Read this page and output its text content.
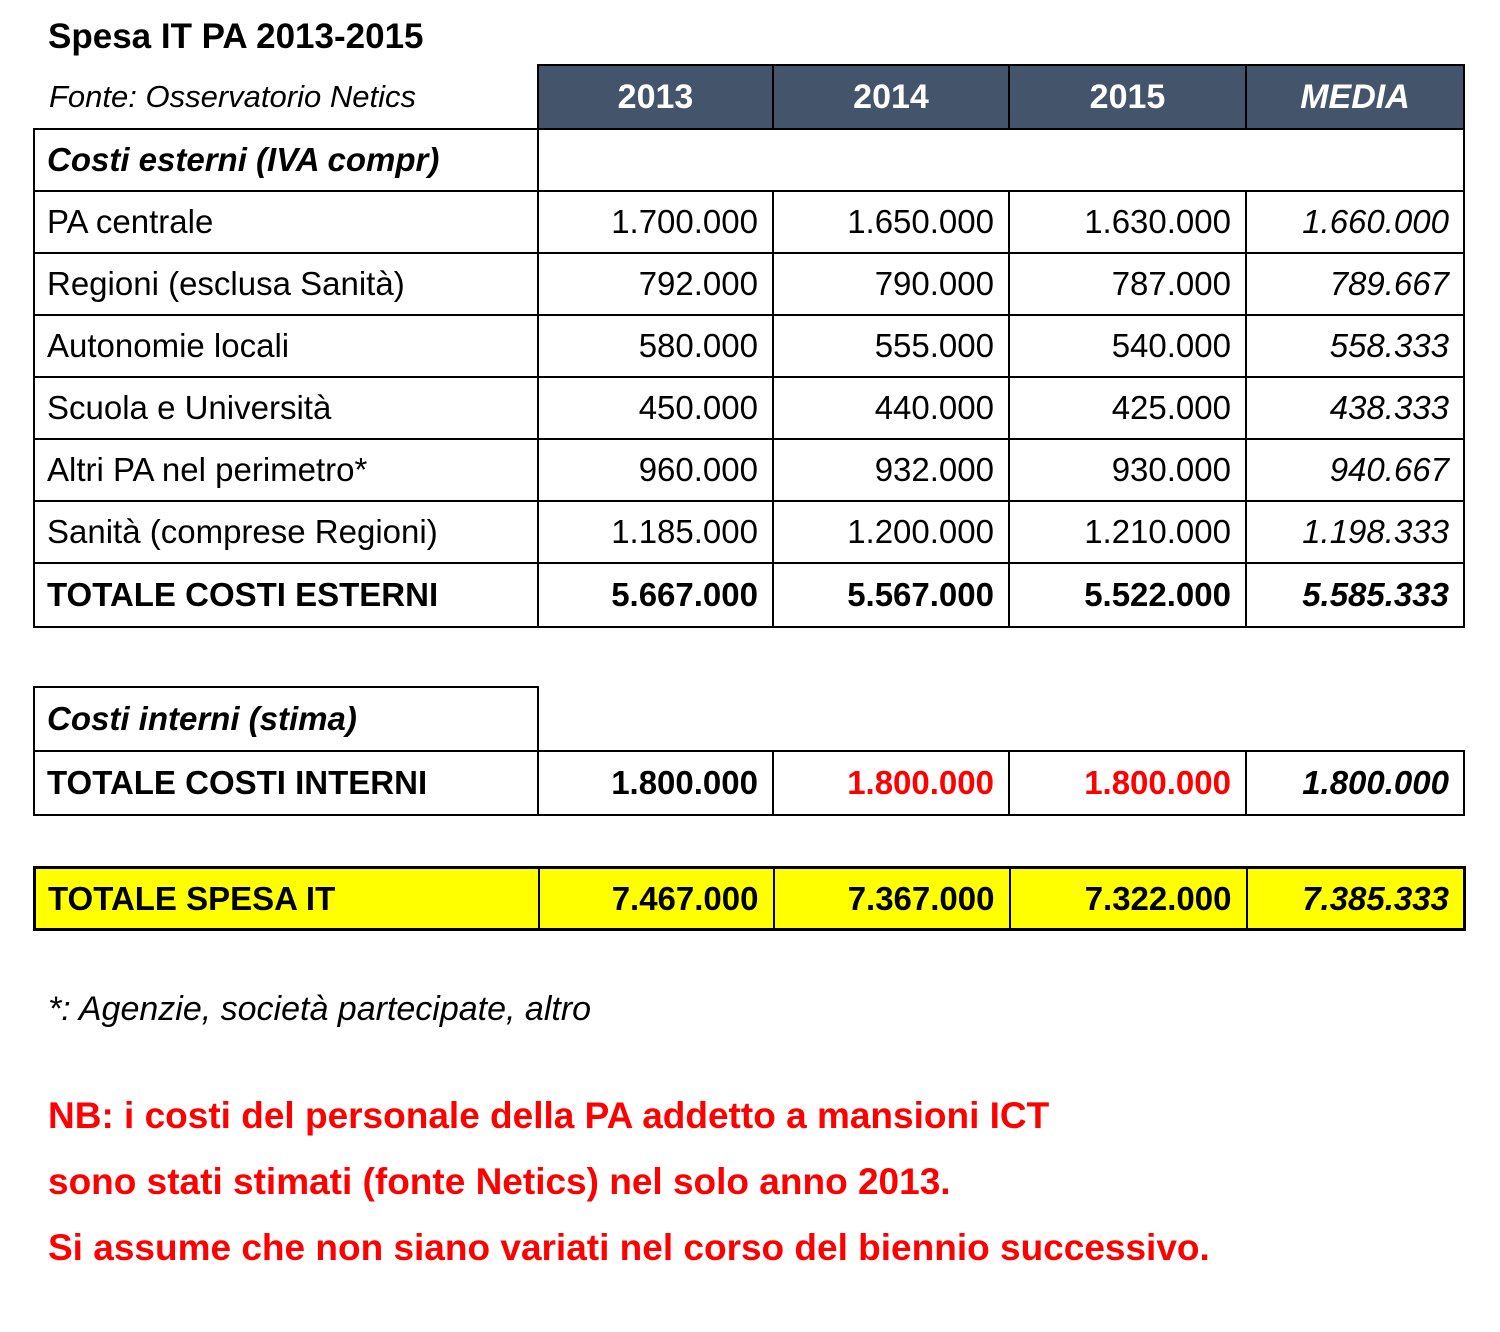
Spesa IT PA 2013-2015
Fonte: Osservatorio Netics	2013	2014	2015	MEDIA
Costi esterni (IVA compr)				
PA centrale	1.700.000	1.650.000	1.630.000	1.660.000
Regioni (esclusa Sanità)	792.000	790.000	787.000	789.667
Autonomie locali	580.000	555.000	540.000	558.333
Scuola e Università	450.000	440.000	425.000	438.333
Altri PA nel perimetro*	960.000	932.000	930.000	940.667
Sanità (comprese Regioni)	1.185.000	1.200.000	1.210.000	1.198.333
TOTALE COSTI ESTERNI	5.667.000	5.567.000	5.522.000	5.585.333
Costi interni (stima)				
TOTALE COSTI INTERNI	1.800.000	1.800.000	1.800.000	1.800.000
TOTALE SPESA IT	7.467.000	7.367.000	7.322.000	7.385.333
*: Agenzie, società partecipate, altro
NB: i costi del personale della PA addetto a mansioni ICT
sono stati stimati (fonte Netics) nel solo anno 2013.
Si assume che non siano variati nel corso del biennio successivo.
